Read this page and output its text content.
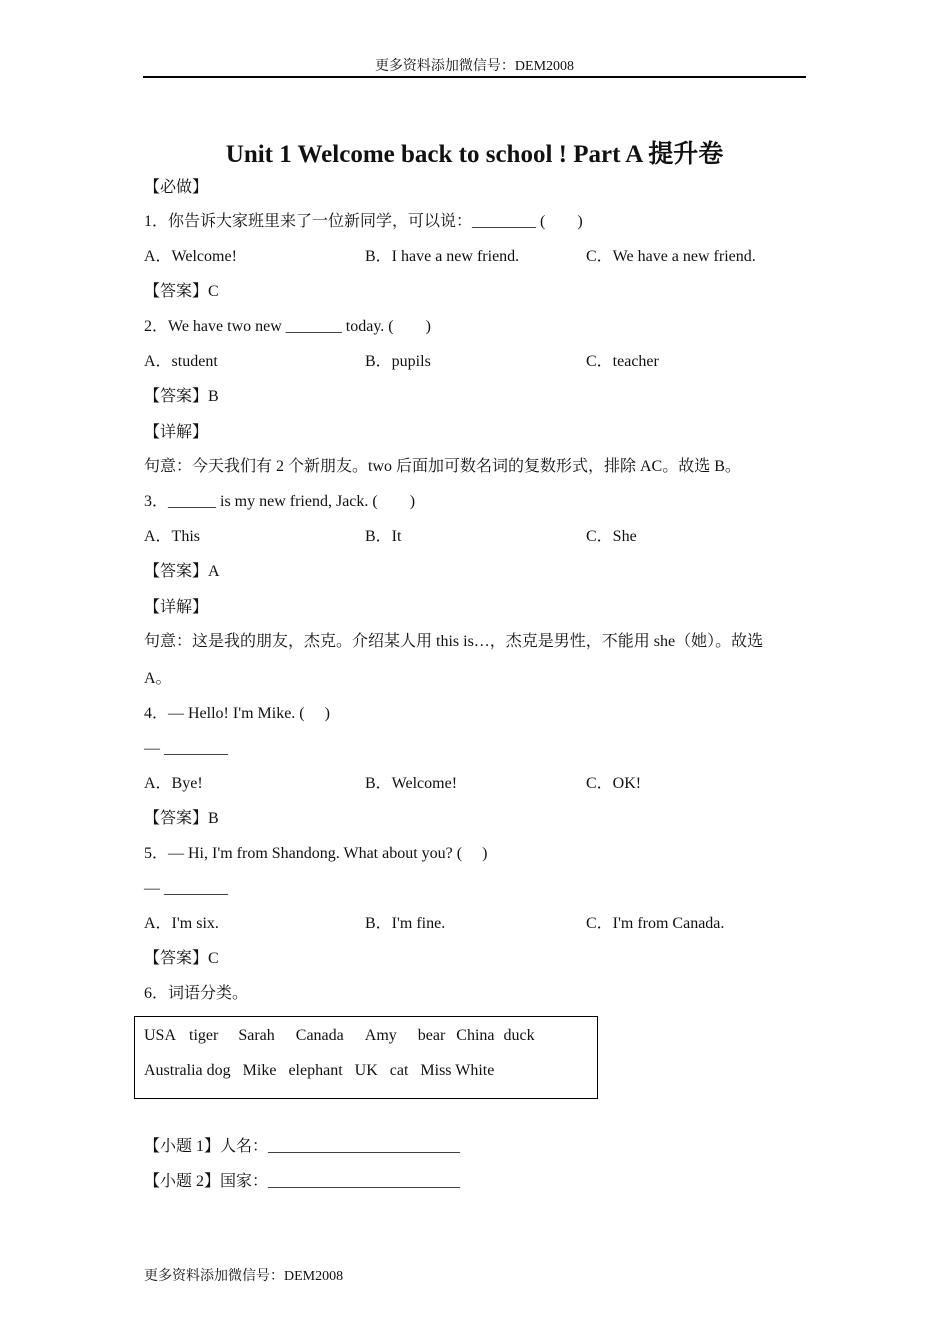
更多资料添加微信号：DEM2008
Unit 1 Welcome back to school ! Part A 提升卷
【必做】
1．你告诉大家班里来了一位新同学，可以说：________ (　　)
A．Welcome!	B．I have a new friend.	C．We have a new friend.
【答案】C
2．We have two new _______ today. (　　)
A．student	B．pupils	C．teacher
【答案】B
【详解】
句意：今天我们有 2 个新朋友。two 后面加可数名词的复数形式，排除 AC。故选 B。
3．______ is my new friend, Jack. (　　)
A．This	B．It	C．She
【答案】A
【详解】
句意：这是我的朋友，杰克。介绍某人用 this is…，杰克是男性，不能用 she（她）。故选
A。
4．— Hello! I'm Mike. (　 )
— ________
A．Bye!	B．Welcome!	C．OK!
【答案】B
5．— Hi, I'm from Shandong. What about you? (　 )
— ________
A．I'm six.	B．I'm fine.	C．I'm from Canada.
【答案】C
6．词语分类。
USA tiger Sarah Canada Amy bear China duck
Australia dog Mike elephant UK cat Miss White
【小题 1】人名：________________________
【小题 2】国家：________________________
更多资料添加微信号：DEM2008
